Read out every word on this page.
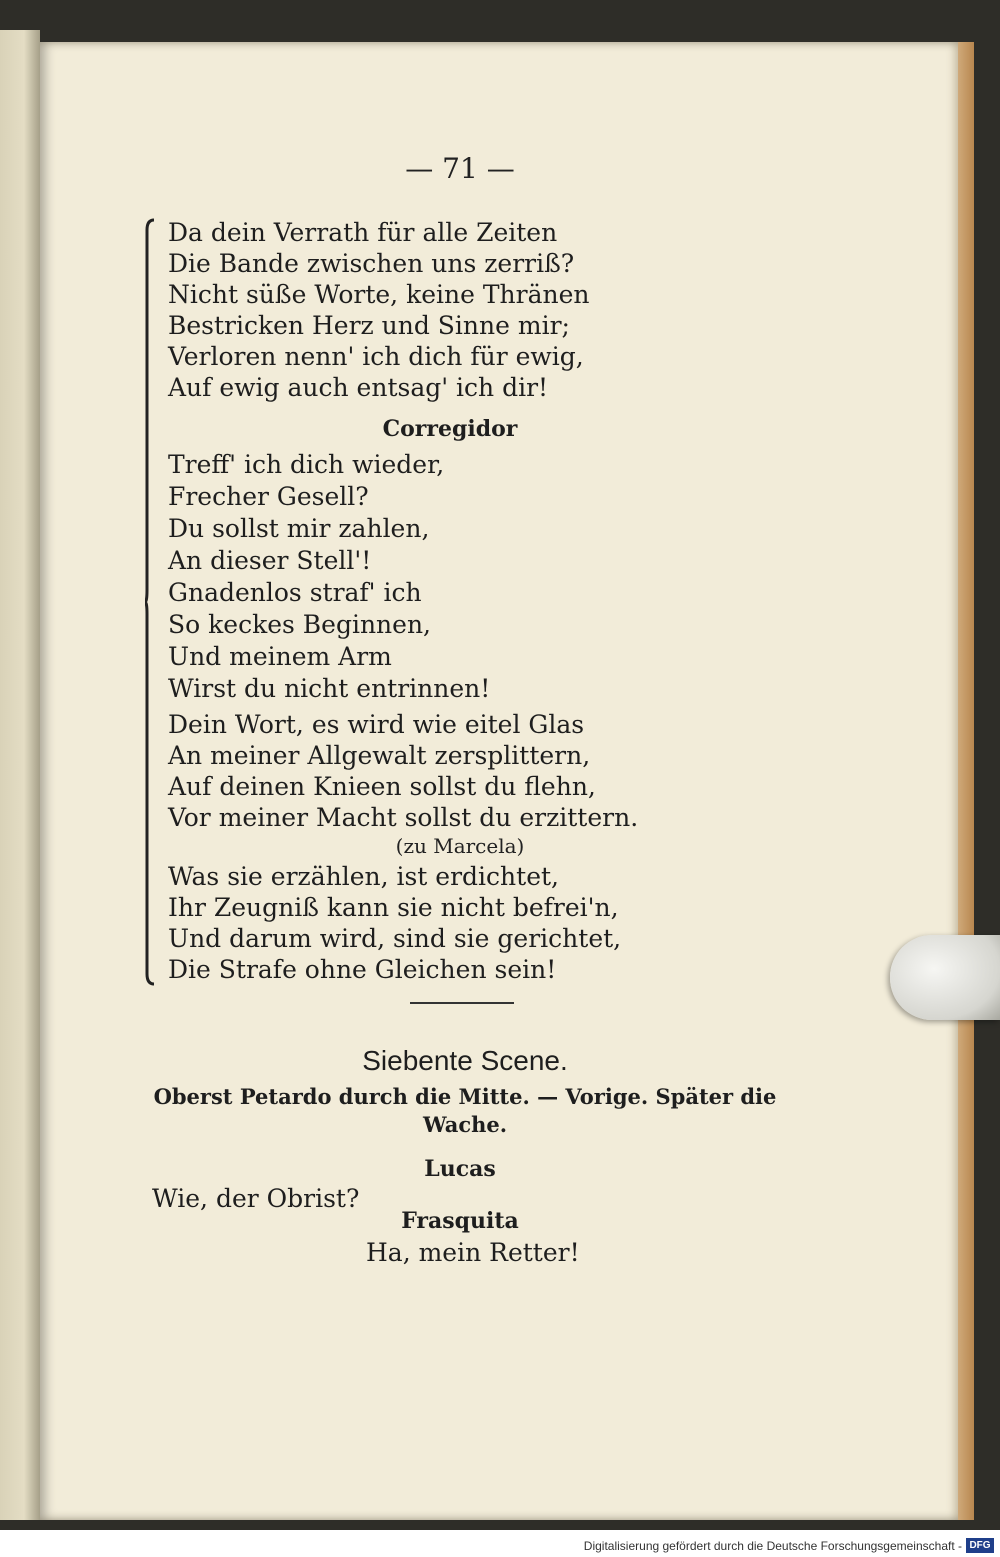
— 71 —
Da dein Verrath für alle Zeiten
Die Bande zwischen uns zerriß?
Nicht süße Worte, keine Thränen
Bestricken Herz und Sinne mir;
Verloren nenn' ich dich für ewig,
Auf ewig auch entsag' ich dir!
Corregidor
Treff' ich dich wieder,
Frecher Gesell?
Du sollst mir zahlen,
An dieser Stell'!
Gnadenlos straf' ich
So keckes Beginnen,
Und meinem Arm
Wirst du nicht entrinnen!
Dein Wort, es wird wie eitel Glas
An meiner Allgewalt zersplittern,
Auf deinen Knieen sollst du flehn,
Vor meiner Macht sollst du erzittern.
(zu Marcela)
Was sie erzählen, ist erdichtet,
Ihr Zeugniß kann sie nicht befrei'n,
Und darum wird, sind sie gerichtet,
Die Strafe ohne Gleichen sein!
Siebente Scene.
Oberst Petardo durch die Mitte. — Vorige. Später die
Wache.
Lucas
Wie, der Obrist?
Frasquita
Ha, mein Retter!
Digitalisierung gefördert durch die Deutsche Forschungsgemeinschaft - DFG
